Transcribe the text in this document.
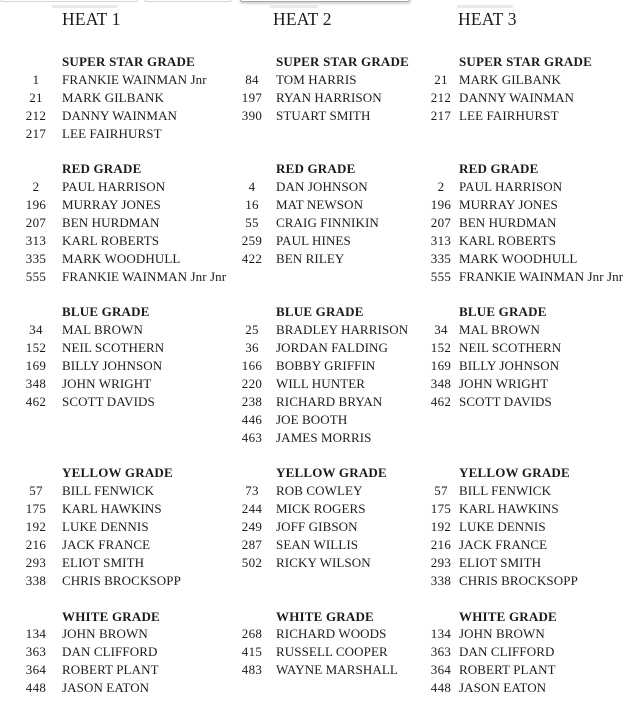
HEAT 1
SUPER STAR GRADE
1	FRANKIE WAINMAN Jnr
21	MARK GILBANK
212	DANNY WAINMAN
217	LEE FAIRHURST
RED GRADE
2	PAUL HARRISON
196	MURRAY JONES
207	BEN HURDMAN
313	KARL ROBERTS
335	MARK WOODHULL
555	FRANKIE WAINMAN Jnr Jnr
BLUE GRADE
34	MAL BROWN
152	NEIL SCOTHERN
169	BILLY JOHNSON
348	JOHN WRIGHT
462	SCOTT DAVIDS
YELLOW GRADE
57	BILL FENWICK
175	KARL HAWKINS
192	LUKE DENNIS
216	JACK FRANCE
293	ELIOT SMITH
338	CHRIS BROCKSOPP
WHITE GRADE
134	JOHN BROWN
363	DAN CLIFFORD
364	ROBERT PLANT
448	JASON EATON
HEAT 2
SUPER STAR GRADE
84	TOM HARRIS
197	RYAN HARRISON
390	STUART SMITH
RED GRADE
4	DAN JOHNSON
16	MAT NEWSON
55	CRAIG FINNIKIN
259	PAUL HINES
422	BEN RILEY
BLUE GRADE
25	BRADLEY HARRISON
36	JORDAN FALDING
166	BOBBY GRIFFIN
220	WILL HUNTER
238	RICHARD BRYAN
446	JOE BOOTH
463	JAMES MORRIS
YELLOW GRADE
73	ROB COWLEY
244	MICK ROGERS
249	JOFF GIBSON
287	SEAN WILLIS
502	RICKY WILSON
WHITE GRADE
268	RICHARD WOODS
415	RUSSELL COOPER
483	WAYNE MARSHALL
HEAT 3
SUPER STAR GRADE
21 MARK GILBANK
212 DANNY WAINMAN
217 LEE FAIRHURST
RED GRADE
2	PAUL HARRISON
196 MURRAY JONES
207 BEN HURDMAN
313 KARL ROBERTS
335 MARK WOODHULL
555 FRANKIE WAINMAN Jnr Jnr
BLUE GRADE
34 MAL BROWN
152 NEIL SCOTHERN
169 BILLY JOHNSON
348 JOHN WRIGHT
462 SCOTT DAVIDS
YELLOW GRADE
57 BILL FENWICK
175 KARL HAWKINS
192 LUKE DENNIS
216 JACK FRANCE
293 ELIOT SMITH
338 CHRIS BROCKSOPP
WHITE GRADE
134 JOHN BROWN
363 DAN CLIFFORD
364 ROBERT PLANT
448 JASON EATON
